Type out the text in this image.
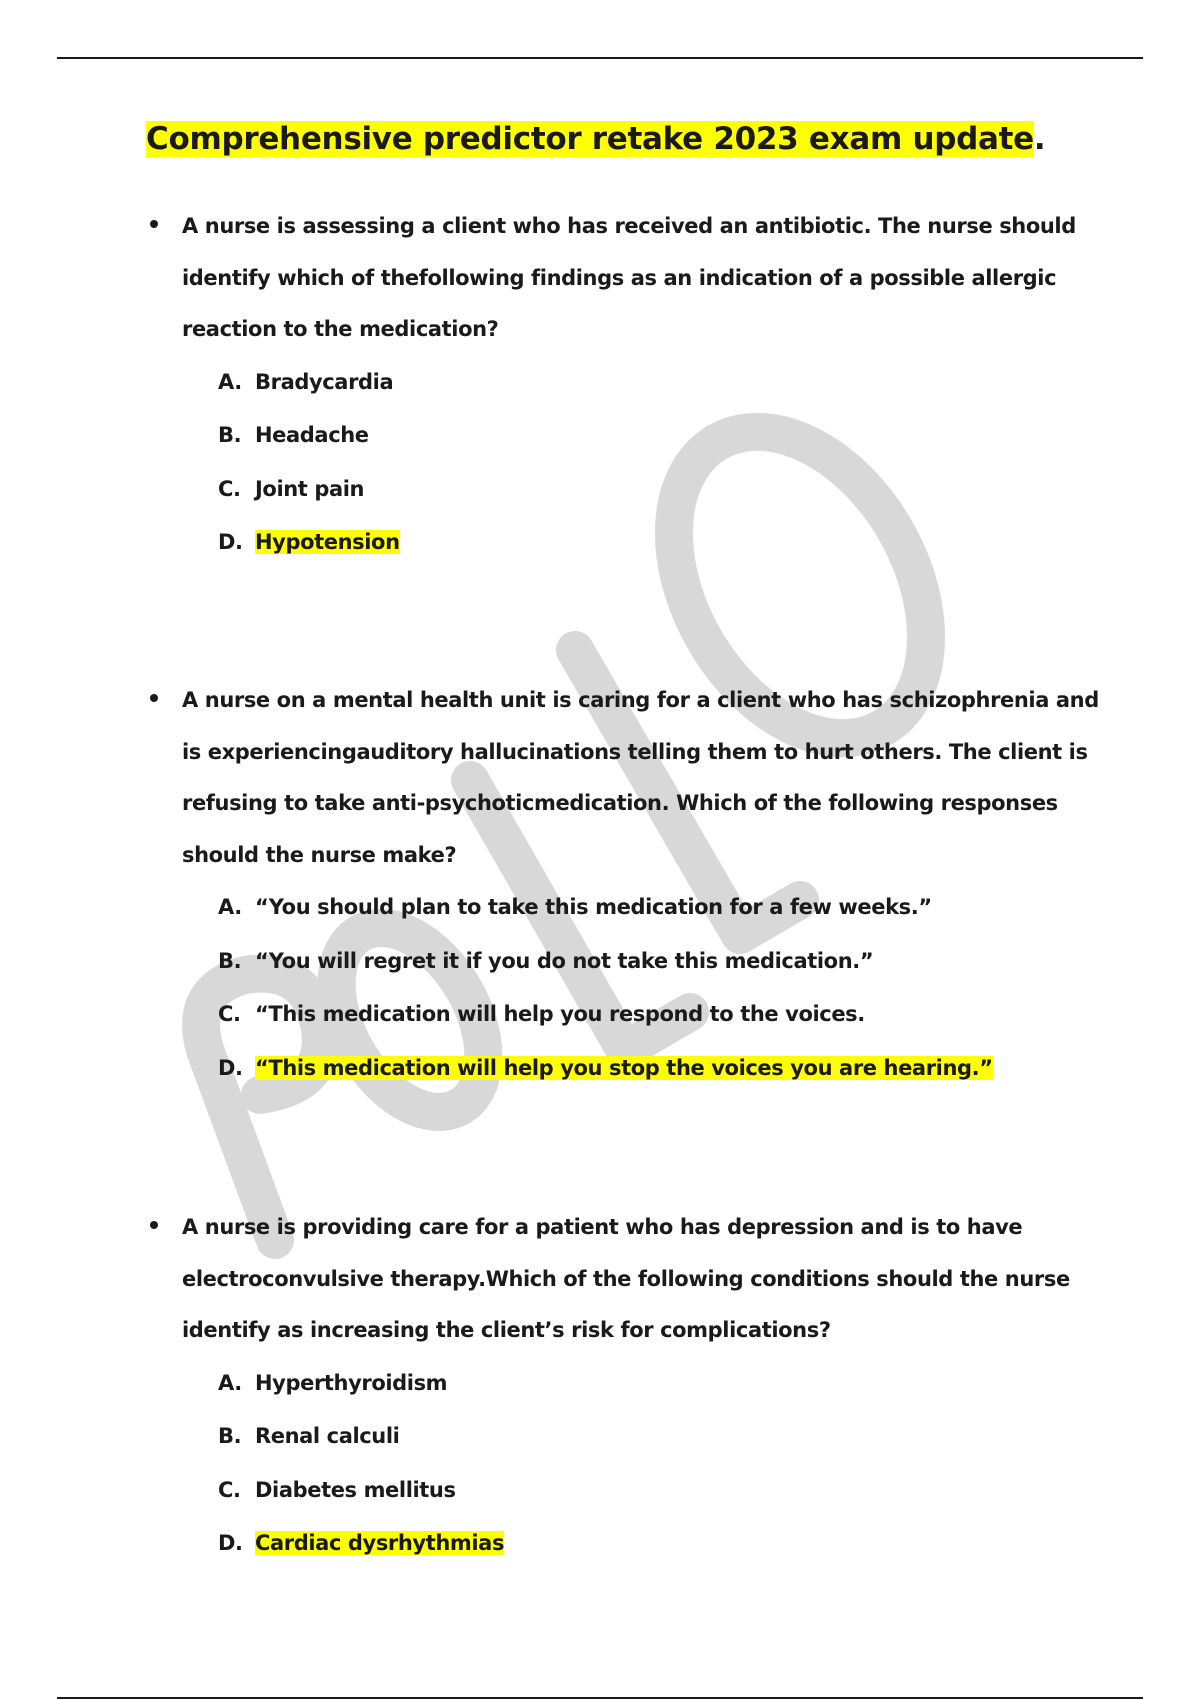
Comprehensive predictor retake 2023 exam update.

A nurse is assessing a client who has received an antibiotic. The nurse should identify which of thefollowing findings as an indication of a possible allergic reaction to the medication?

A. Bradycardia
B. Headache
C. Joint pain
D. Hypotension

A nurse on a mental health unit is caring for a client who has schizophrenia and is experiencingauditory hallucinations telling them to hurt others. The client is refusing to take anti-psychoticmedication. Which of the following responses should the nurse make?

A. “You should plan to take this medication for a few weeks.”
B. “You will regret it if you do not take this medication.”
C. “This medication will help you respond to the voices.
D. “This medication will help you stop the voices you are hearing.”

A nurse is providing care for a patient who has depression and is to have electroconvulsive therapy.Which of the following conditions should the nurse identify as increasing the client’s risk for complications?

A. Hyperthyroidism
B. Renal calculi
C. Diabetes mellitus
D. Cardiac dysrhythmias
